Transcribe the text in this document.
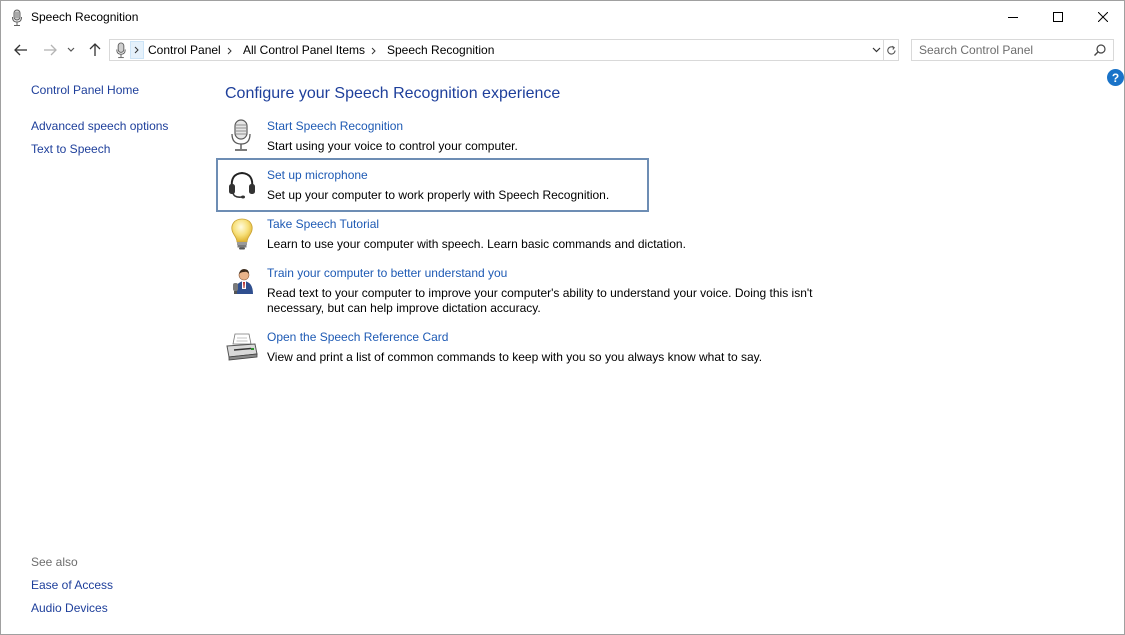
Speech Recognition
Control Panel All Control Panel Items Speech Recognition
Search Control Panel
?
Control Panel Home
Advanced speech options
Text to Speech
See also
Ease of Access
Audio Devices
Configure your Speech Recognition experience
Start Speech Recognition
Start using your voice to control your computer.
Set up microphone
Set up your computer to work properly with Speech Recognition.
Take Speech Tutorial
Learn to use your computer with speech. Learn basic commands and dictation.
Train your computer to better understand you
Read text to your computer to improve your computer's ability to understand your voice. Doing this isn't necessary, but can help improve dictation accuracy.
Open the Speech Reference Card
View and print a list of common commands to keep with you so you always know what to say.
